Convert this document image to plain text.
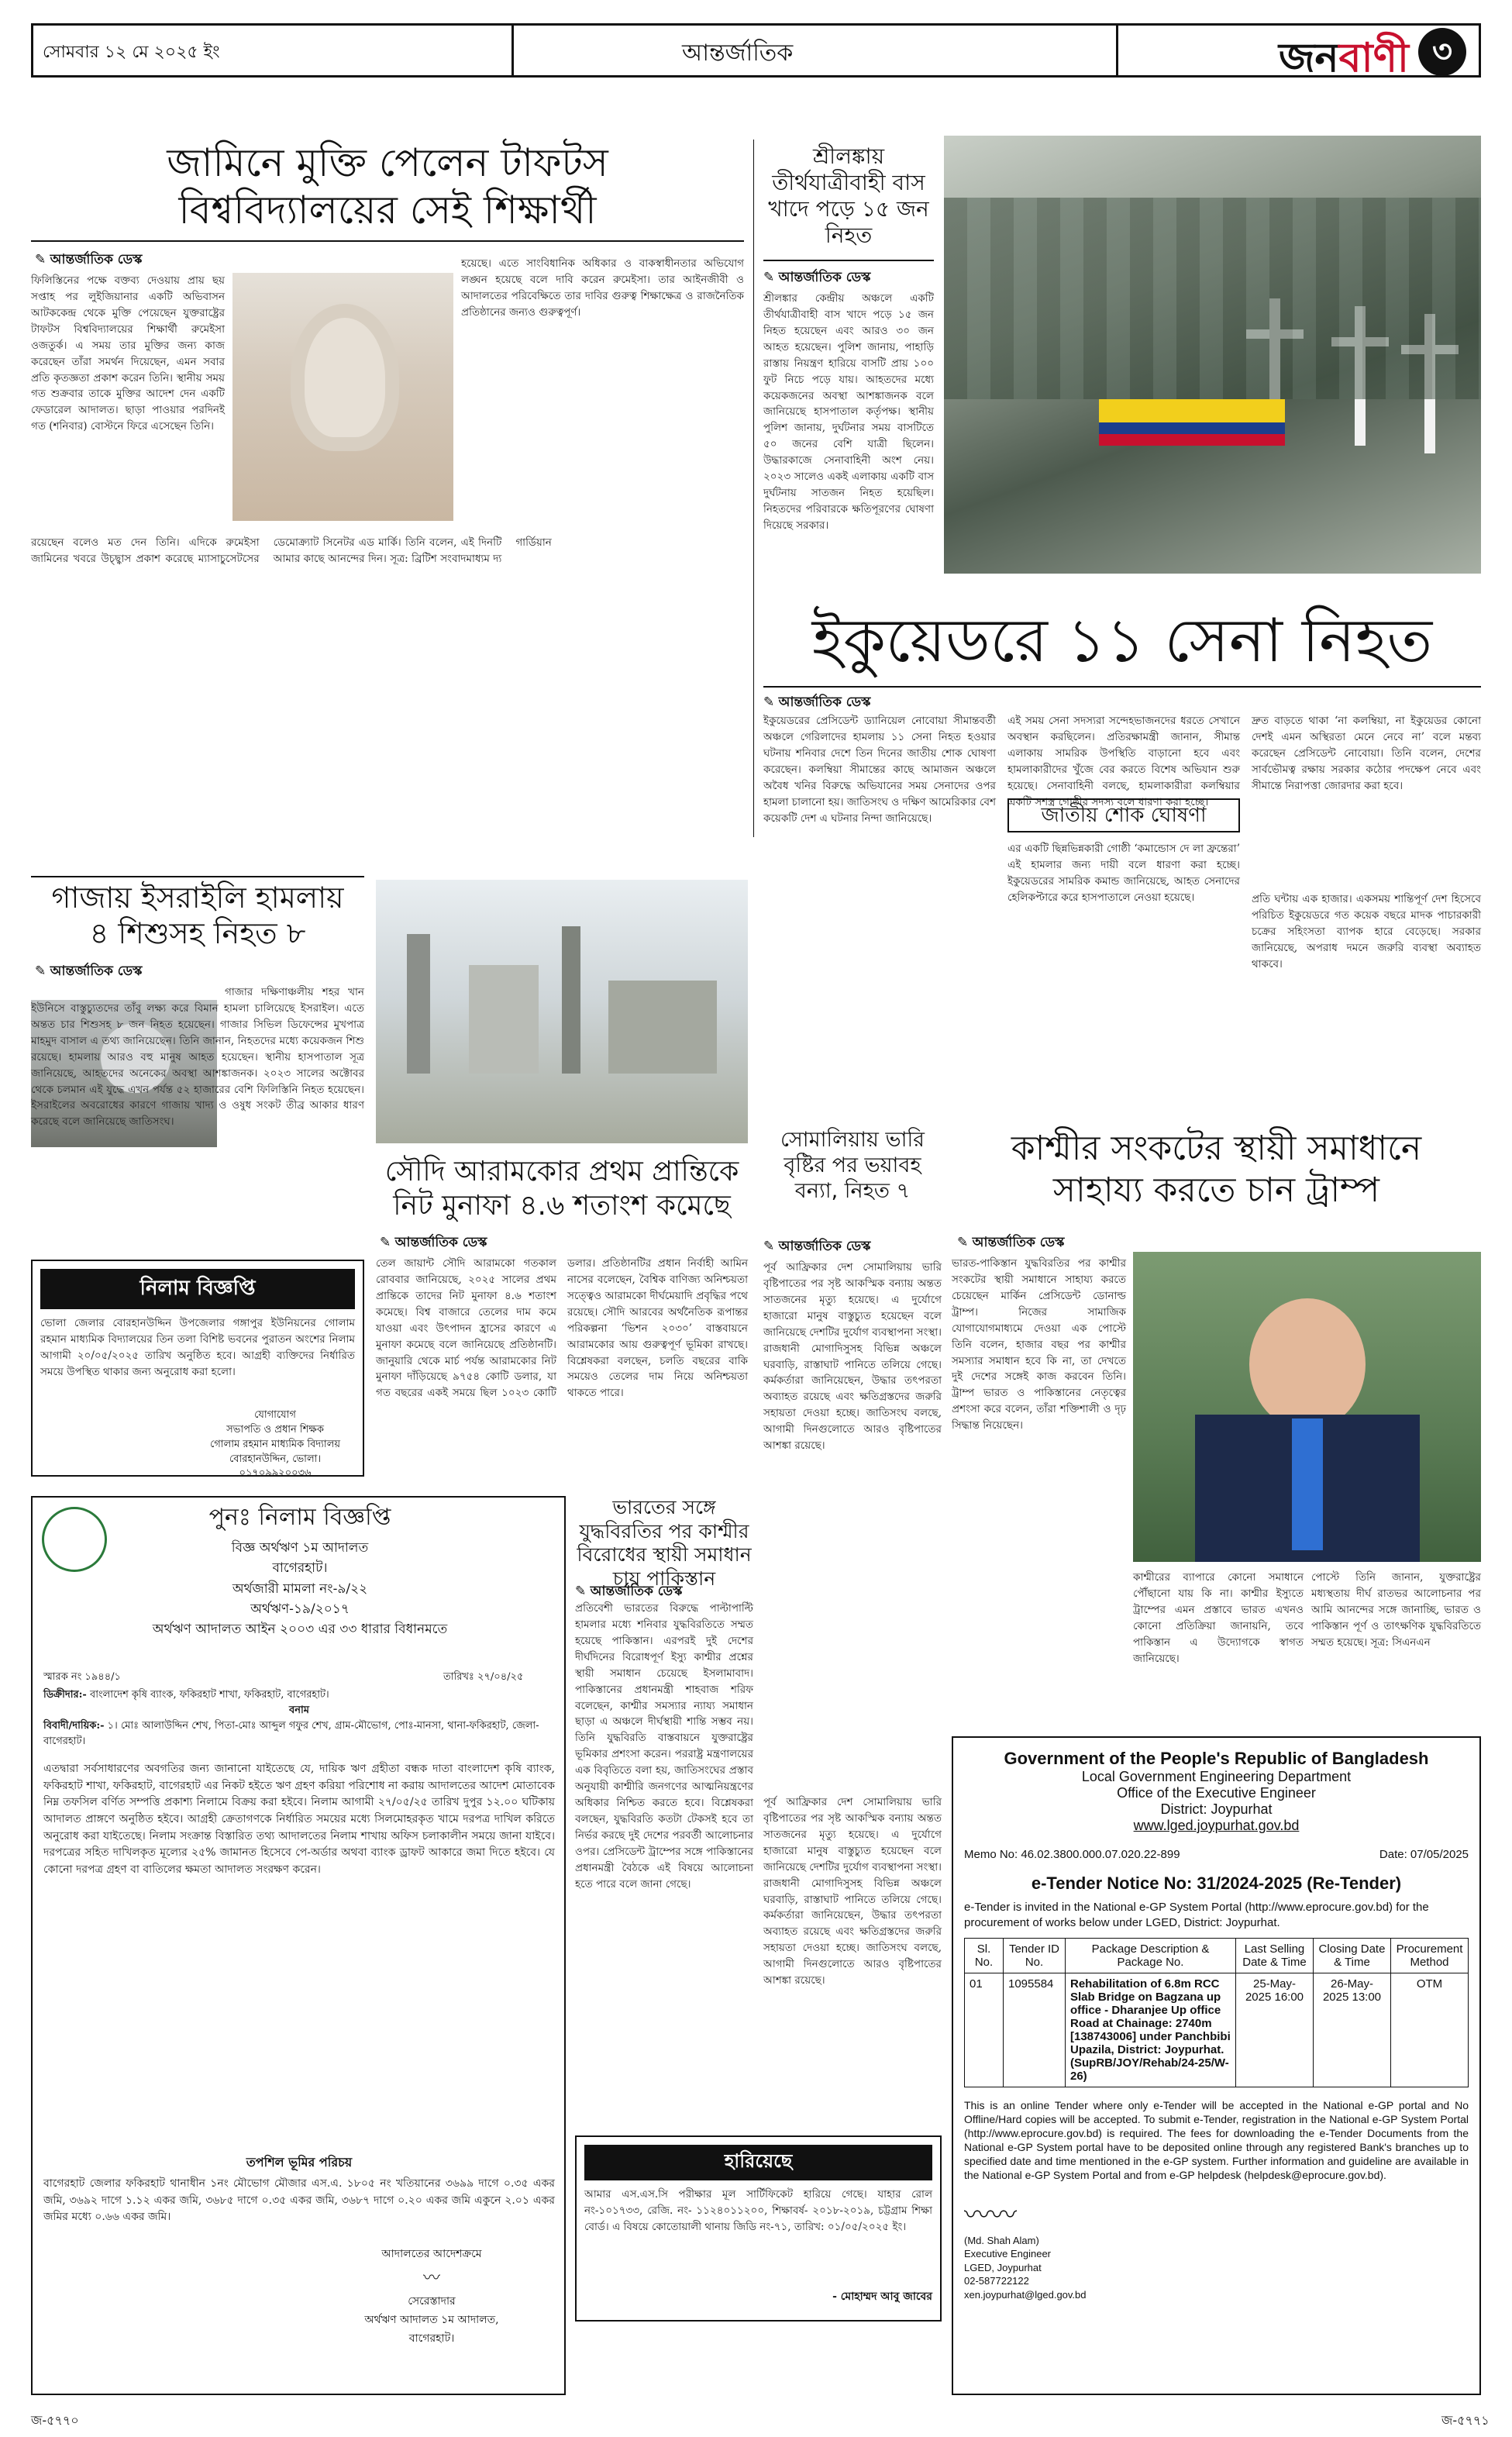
সোমবার ১২ মে ২০২৫ ইং	আন্তর্জাতিক	জনবাণী ৩
জামিনে মুক্তি পেলেন টাফটস
বিশ্ববিদ্যালয়ের সেই শিক্ষার্থী
✎ আন্তর্জাতিক ডেস্ক
ফিলিস্তিনের পক্ষে বক্তব্য দেওয়ায় প্রায় ছয় সপ্তাহ পর লুইজিয়ানার একটি অভিবাসন আটককেন্দ্র থেকে মুক্তি পেয়েছেন যুক্তরাষ্ট্রের টাফটস বিশ্ববিদ্যালয়ের শিক্ষার্থী রুমেইসা ওজতুর্ক। এ সময় তার মুক্তির জন্য কাজ করেছেন তাঁরা সমর্থন দিয়েছেন, এমন সবার প্রতি কৃতজ্ঞতা প্রকাশ করেন তিনি। স্থানীয় সময় গত শুক্রবার তাকে মুক্তির আদেশ দেন একটি ফেডারেল আদালত। ছাড়া পাওয়ার পরদিনই গত (শনিবার) বোস্টনে ফিরে এসেছেন তিনি।
হয়েছে। এতে সাংবিধানিক অধিকার ও বাকস্বাধীনতার অভিযোগ লঙ্ঘন হয়েছে বলে দাবি করেন রুমেইসা। তার আইনজীবী ও আদালতের পরিবেক্ষিতে তার দাবির গুরুত্ব শিক্ষাক্ষেত্র ও রাজনৈতিক প্রতিষ্ঠানের জন্যও গুরুত্বপূর্ণ।
রয়েছেন বলেও মত দেন তিনি। এদিকে রুমেইসা জামিনের খবরে উচ্ছ্বাস প্রকাশ করেছে ম্যাসাচুসেটসের ডেমোক্র্যাট সিনেটর এড মার্কি। তিনি বলেন, এই দিনটি আমার কাছে আনন্দের দিন। সূত্র: ব্রিটিশ সংবাদমাধ্যম দ্য গার্ডিয়ান
শ্রীলঙ্কায় তীর্থযাত্রীবাহী বাস খাদে পড়ে ১৫ জন নিহত
✎ আন্তর্জাতিক ডেস্ক
শ্রীলঙ্কার কেন্দ্রীয় অঞ্চলে একটি তীর্থযাত্রীবাহী বাস খাদে পড়ে ১৫ জন নিহত হয়েছেন এবং আরও ৩০ জন আহত হয়েছেন। পুলিশ জানায়, পাহাড়ি রাস্তায় নিয়ন্ত্রণ হারিয়ে বাসটি প্রায় ১০০ ফুট নিচে পড়ে যায়। আহতদের মধ্যে কয়েকজনের অবস্থা আশঙ্কাজনক বলে জানিয়েছে হাসপাতাল কর্তৃপক্ষ। স্থানীয় পুলিশ জানায়, দুর্ঘটনার সময় বাসটিতে ৫০ জনের বেশি যাত্রী ছিলেন। উদ্ধারকাজে সেনাবাহিনী অংশ নেয়। ২০২৩ সালেও একই এলাকায় একটি বাস দুর্ঘটনায় সাতজন নিহত হয়েছিল। নিহতদের পরিবারকে ক্ষতিপূরণের ঘোষণা দিয়েছে সরকার।
ইকুয়েডরে ১১ সেনা নিহত
✎ আন্তর্জাতিক ডেস্ক
ইকুয়েডরের প্রেসিডেন্ট ড্যানিয়েল নোবোয়া সীমান্তবর্তী অঞ্চলে গেরিলাদের হামলায় ১১ সেনা নিহত হওয়ার ঘটনায় শনিবার দেশে তিন দিনের জাতীয় শোক ঘোষণা করেছেন। কলম্বিয়া সীমান্তের কাছে আমাজন অঞ্চলে অবৈধ খনির বিরুদ্ধে অভিযানের সময় সেনাদের ওপর হামলা চালানো হয়। জাতিসংঘ ও দক্ষিণ আমেরিকার বেশ কয়েকটি দেশ এ ঘটনার নিন্দা জানিয়েছে।
এই সময় সেনা সদস্যরা সন্দেহভাজনদের ধরতে সেখানে অবস্থান করছিলেন। প্রতিরক্ষামন্ত্রী জানান, সীমান্ত এলাকায় সামরিক উপস্থিতি বাড়ানো হবে এবং হামলাকারীদের খুঁজে বের করতে বিশেষ অভিযান শুরু হয়েছে। সেনাবাহিনী বলছে, হামলাকারীরা কলম্বিয়ার একটি সশস্ত্র গোষ্ঠীর সদস্য বলে ধারণা করা হচ্ছে।
জাতীয় শোক ঘোষণা
এর একটি ছিন্নভিন্নকারী গোষ্ঠী ‘কমান্ডোস দে লা ফ্রন্তেরা’ এই হামলার জন্য দায়ী বলে ধারণা করা হচ্ছে। ইকুয়েডরের সামরিক কমান্ড জানিয়েছে, আহত সেনাদের হেলিকপ্টারে করে হাসপাতালে নেওয়া হয়েছে।
দ্রুত বাড়তে থাকা ‘না কলম্বিয়া, না ইকুয়েডর কোনো দেশই এমন অস্থিরতা মেনে নেবে না’ বলে মন্তব্য করেছেন প্রেসিডেন্ট নোবোয়া। তিনি বলেন, দেশের সার্বভৌমত্ব রক্ষায় সরকার কঠোর পদক্ষেপ নেবে এবং সীমান্তে নিরাপত্তা জোরদার করা হবে।
প্রতি ঘন্টায় এক হাজার। একসময় শান্তিপূর্ণ দেশ হিসেবে পরিচিত ইকুয়েডরে গত কয়েক বছরে মাদক পাচারকারী চক্রের সহিংসতা ব্যাপক হারে বেড়েছে। সরকার জানিয়েছে, অপরাধ দমনে জরুরি ব্যবস্থা অব্যাহত থাকবে।
গাজায় ইসরাইলি হামলায়
৪ শিশুসহ নিহত ৮
✎ আন্তর্জাতিক ডেস্ক
গাজার দক্ষিণাঞ্চলীয় শহর খান ইউনিসে বাস্তুচ্যুতদের তাঁবু লক্ষ্য করে বিমান হামলা চালিয়েছে ইসরাইল। এতে অন্তত চার শিশুসহ ৮ জন নিহত হয়েছেন। গাজার সিভিল ডিফেন্সের মুখপাত্র মাহমুদ বাসাল এ তথ্য জানিয়েছেন। তিনি জানান, নিহতদের মধ্যে কয়েকজন শিশু রয়েছে। হামলায় আরও বহু মানুষ আহত হয়েছেন। স্থানীয় হাসপাতাল সূত্র জানিয়েছে, আহতদের অনেকের অবস্থা আশঙ্কাজনক। ২০২৩ সালের অক্টোবর থেকে চলমান এই যুদ্ধে এখন পর্যন্ত ৫২ হাজারের বেশি ফিলিস্তিনি নিহত হয়েছেন। ইসরাইলের অবরোধের কারণে গাজায় খাদ্য ও ওষুধ সংকট তীব্র আকার ধারণ করেছে বলে জানিয়েছে জাতিসংঘ।
নিলাম বিজ্ঞপ্তি
ভোলা জেলার বোরহানউদ্দিন উপজেলার গঙ্গাপুর ইউনিয়নের গোলাম রহমান মাধ্যমিক বিদ্যালয়ের তিন তলা বিশিষ্ট ভবনের পুরাতন অংশের নিলাম আগামী ২০/০৫/২০২৫ তারিখ অনুষ্ঠিত হবে। আগ্রহী ব্যক্তিদের নির্ধারিত সময়ে উপস্থিত থাকার জন্য অনুরোধ করা হলো।
যোগাযোগ
সভাপতি ও প্রধান শিক্ষক
গোলাম রহমান মাধ্যমিক বিদ্যালয়
বোরহানউদ্দিন, ভোলা।
০১৭০৯৯২০০৩৬
সৌদি আরামকোর প্রথম প্রান্তিকে
নিট মুনাফা ৪.৬ শতাংশ কমেছে
✎ আন্তর্জাতিক ডেস্ক
তেল জায়ান্ট সৌদি আরামকো গতকাল রোববার জানিয়েছে, ২০২৫ সালের প্রথম প্রান্তিকে তাদের নিট মুনাফা ৪.৬ শতাংশ কমেছে। বিশ্ব বাজারে তেলের দাম কমে যাওয়া এবং উৎপাদন হ্রাসের কারণে এ মুনাফা কমেছে বলে জানিয়েছে প্রতিষ্ঠানটি। জানুয়ারি থেকে মার্চ পর্যন্ত আরামকোর নিট মুনাফা দাঁড়িয়েছে ৯৭৫৪ কোটি ডলার, যা গত বছরের একই সময়ে ছিল ১০২৩ কোটি ডলার। প্রতিষ্ঠানটির প্রধান নির্বাহী আমিন নাসের বলেছেন, বৈশ্বিক বাণিজ্য অনিশ্চয়তা সত্ত্বেও আরামকো দীর্ঘমেয়াদি প্রবৃদ্ধির পথে রয়েছে। সৌদি আরবের অর্থনৈতিক রূপান্তর পরিকল্পনা ‘ভিশন ২০৩০’ বাস্তবায়নে আরামকোর আয় গুরুত্বপূর্ণ ভূমিকা রাখছে। বিশ্লেষকরা বলছেন, চলতি বছরের বাকি সময়েও তেলের দাম নিয়ে অনিশ্চয়তা থাকতে পারে।
সোমালিয়ায় ভারি বৃষ্টির পর ভয়াবহ বন্যা, নিহত ৭
✎ আন্তর্জাতিক ডেস্ক
পূর্ব আফ্রিকার দেশ সোমালিয়ায় ভারি বৃষ্টিপাতের পর সৃষ্ট আকস্মিক বন্যায় অন্তত সাতজনের মৃত্যু হয়েছে। এ দুর্যোগে হাজারো মানুষ বাস্তুচ্যুত হয়েছেন বলে জানিয়েছে দেশটির দুর্যোগ ব্যবস্থাপনা সংস্থা। রাজধানী মোগাদিসুসহ বিভিন্ন অঞ্চলে ঘরবাড়ি, রাস্তাঘাট পানিতে তলিয়ে গেছে। কর্মকর্তারা জানিয়েছেন, উদ্ধার তৎপরতা অব্যাহত রয়েছে এবং ক্ষতিগ্রস্তদের জরুরি সহায়তা দেওয়া হচ্ছে। জাতিসংঘ বলছে, আগামী দিনগুলোতে আরও বৃষ্টিপাতের আশঙ্কা রয়েছে।
কাশ্মীর সংকটের স্থায়ী সমাধানে
সাহায্য করতে চান ট্রাম্প
✎ আন্তর্জাতিক ডেস্ক
ভারত-পাকিস্তান যুদ্ধবিরতির পর কাশ্মীর সংকটের স্থায়ী সমাধানে সাহায্য করতে চেয়েছেন মার্কিন প্রেসিডেন্ট ডোনাল্ড ট্রাম্প। নিজের সামাজিক যোগাযোগমাধ্যমে দেওয়া এক পোস্টে তিনি বলেন, হাজার বছর পর কাশ্মীর সমস্যার সমাধান হবে কি না, তা দেখতে দুই দেশের সঙ্গেই কাজ করবেন তিনি। ট্রাম্প ভারত ও পাকিস্তানের নেতৃত্বের প্রশংসা করে বলেন, তাঁরা শক্তিশালী ও দৃঢ় সিদ্ধান্ত নিয়েছেন।
কাশ্মীরের ব্যাপারে কোনো সমাধানে পৌঁছানো যায় কি না। কাশ্মীর ইস্যুতে ট্রাম্পের এমন প্রস্তাবে ভারত এখনও কোনো প্রতিক্রিয়া জানায়নি, তবে পাকিস্তান এ উদ্যোগকে স্বাগত জানিয়েছে।
পোস্টে তিনি জানান, যুক্তরাষ্ট্রের মধ্যস্থতায় দীর্ঘ রাতভর আলোচনার পর আমি আনন্দের সঙ্গে জানাচ্ছি, ভারত ও পাকিস্তান পূর্ণ ও তাৎক্ষণিক যুদ্ধবিরতিতে সম্মত হয়েছে। সূত্র: সিএনএন
পুনঃ নিলাম বিজ্ঞপ্তি
বিজ্ঞ অর্থঋণ ১ম আদালত
বাগেরহাট।
অর্থজারী মামলা নং-৯/২২
অর্থঋণ-১৯/২০১৭
অর্থঋণ আদালত আইন ২০০৩ এর ৩৩ ধারার বিধানমতে
স্মারক নং ১৯৪৪/১	তারিখঃ ২৭/০৪/২৫
ডিক্রীদার:- বাংলাদেশ কৃষি ব্যাংক, ফকিরহাট শাখা, ফকিরহাট, বাগেরহাট।
বনাম
বিবাদী/দায়িক:- ১। মোঃ আলাউদ্দিন শেখ, পিতা-মোঃ আব্দুল গফুর শেখ, গ্রাম-মৌভোগ, পোঃ-মানসা, থানা-ফকিরহাট, জেলা-বাগেরহাট।
এতদ্বারা সর্বসাধারণের অবগতির জন্য জানানো যাইতেছে যে, দায়িক ঋণ গ্রহীতা বন্ধক দাতা বাংলাদেশ কৃষি ব্যাংক, ফকিরহাট শাখা, ফকিরহাট, বাগেরহাট এর নিকট হইতে ঋণ গ্রহণ করিয়া পরিশোধ না করায় আদালতের আদেশ মোতাবেক নিম্ন তফসিল বর্ণিত সম্পত্তি প্রকাশ্য নিলামে বিক্রয় করা হইবে। নিলাম আগামী ২৭/০৫/২৫ তারিখ দুপুর ১২.০০ ঘটিকায় আদালত প্রাঙ্গণে অনুষ্ঠিত হইবে। আগ্রহী ক্রেতাগণকে নির্ধারিত সময়ের মধ্যে সিলমোহরকৃত খামে দরপত্র দাখিল করিতে অনুরোধ করা যাইতেছে। নিলাম সংক্রান্ত বিস্তারিত তথ্য আদালতের নিলাম শাখায় অফিস চলাকালীন সময়ে জানা যাইবে। দরপত্রের সহিত দাখিলকৃত মূল্যের ২৫% জামানত হিসেবে পে-অর্ডার অথবা ব্যাংক ড্রাফট আকারে জমা দিতে হইবে। যে কোনো দরপত্র গ্রহণ বা বাতিলের ক্ষমতা আদালত সংরক্ষণ করেন।
তপশিল ভূমির পরিচয়
বাগেরহাট জেলার ফকিরহাট থানাধীন ১নং মৌভোগ মৌজার এস.এ. ১৮০৫ নং খতিয়ানের ৩৬৯৯ দাগে ০.৩৫ একর জমি, ৩৬৯২ দাগে ১.১২ একর জমি, ৩৬৮৫ দাগে ০.৩৫ একর জমি, ৩৬৮৭ দাগে ০.২০ একর জমি একুনে ২.০১ একর জমির মধ্যে ০.৬৬ একর জমি।
আদালতের আদেশক্রমে
〰
সেরেস্তাদার
অর্থঋণ আদালত ১ম আদালত,
বাগেরহাট।
ভারতের সঙ্গে যুদ্ধবিরতির পর কাশ্মীর বিরোধের স্থায়ী সমাধান চায় পাকিস্তান
✎ আন্তর্জাতিক ডেস্ক
প্রতিবেশী ভারতের বিরুদ্ধে পাল্টাপাল্টি হামলার মধ্যে শনিবার যুদ্ধবিরতিতে সম্মত হয়েছে পাকিস্তান। এরপরই দুই দেশের দীর্ঘদিনের বিরোধপূর্ণ ইস্যু কাশ্মীর প্রশ্নের স্থায়ী সমাধান চেয়েছে ইসলামাবাদ। পাকিস্তানের প্রধানমন্ত্রী শাহবাজ শরিফ বলেছেন, কাশ্মীর সমস্যার ন্যায্য সমাধান ছাড়া এ অঞ্চলে দীর্ঘস্থায়ী শান্তি সম্ভব নয়। তিনি যুদ্ধবিরতি বাস্তবায়নে যুক্তরাষ্ট্রের ভূমিকার প্রশংসা করেন। পররাষ্ট্র মন্ত্রণালয়ের এক বিবৃতিতে বলা হয়, জাতিসংঘের প্রস্তাব অনুযায়ী কাশ্মীরি জনগণের আত্মনিয়ন্ত্রণের অধিকার নিশ্চিত করতে হবে। বিশ্লেষকরা বলছেন, যুদ্ধবিরতি কতটা টেকসই হবে তা নির্ভর করছে দুই দেশের পরবর্তী আলোচনার ওপর। প্রেসিডেন্ট ট্রাম্পের সঙ্গে পাকিস্তানের প্রধানমন্ত্রী বৈঠকে এই বিষয়ে আলোচনা হতে পারে বলে জানা গেছে।
পূর্ব আফ্রিকার দেশ সোমালিয়ায় ভারি বৃষ্টিপাতের পর সৃষ্ট আকস্মিক বন্যায় অন্তত সাতজনের মৃত্যু হয়েছে। এ দুর্যোগে হাজারো মানুষ বাস্তুচ্যুত হয়েছেন বলে জানিয়েছে দেশটির দুর্যোগ ব্যবস্থাপনা সংস্থা। রাজধানী মোগাদিসুসহ বিভিন্ন অঞ্চলে ঘরবাড়ি, রাস্তাঘাট পানিতে তলিয়ে গেছে। কর্মকর্তারা জানিয়েছেন, উদ্ধার তৎপরতা অব্যাহত রয়েছে এবং ক্ষতিগ্রস্তদের জরুরি সহায়তা দেওয়া হচ্ছে। জাতিসংঘ বলছে, আগামী দিনগুলোতে আরও বৃষ্টিপাতের আশঙ্কা রয়েছে।
হারিয়েছে
আমার এস.এস.সি পরীক্ষার মূল সার্টিফিকেট হারিয়ে গেছে। যাহার রোল নং-১০১৭৩৩, রেজি. নং- ১১২৪০১১২০০, শিক্ষাবর্ষ- ২০১৮-২০১৯, চট্টগ্রাম শিক্ষা বোর্ড। এ বিষয়ে কোতোয়ালী থানায় জিডি নং-৭১, তারিখ: ০১/০৫/২০২৫ ইং।
- মোহাম্মদ আবু জাবের
Government of the People's Republic of Bangladesh
Local Government Engineering Department
Office of the Executive Engineer
District: Joypurhat
www.lged.joypurhat.gov.bd
Memo No: 46.02.3800.000.07.020.22-899	Date: 07/05/2025
e-Tender Notice No: 31/2024-2025 (Re-Tender)
e-Tender is invited in the National e-GP System Portal (http://www.eprocure.gov.bd) for the procurement of works below under LGED, District: Joypurhat.
Sl. No.	Tender ID No.	Package Description & Package No.	Last Selling Date & Time	Closing Date & Time	Procurement Method
01	1095584	Rehabilitation of 6.8m RCC Slab Bridge on Bagzana up office - Dharanjee Up office Road at Chainage: 2740m [138743006] under Panchbibi Upazila, District: Joypurhat. (SupRB/JOY/Rehab/24-25/W-26)	25-May-2025 16:00	26-May-2025 13:00	OTM
This is an online Tender where only e-Tender will be accepted in the National e-GP portal and No Offline/Hard copies will be accepted. To submit e-Tender, registration in the National e-GP System Portal (http://www.eprocure.gov.bd) is required. The fees for downloading the e-Tender Documents from the National e-GP System portal have to be deposited online through any registered Bank's branches up to specified date and time mentioned in the e-GP system. Further information and guideline are available in the National e-GP System Portal and from e-GP helpdesk (helpdesk@eprocure.gov.bd).
〰〰
(Md. Shah Alam)
Executive Engineer
LGED, Joypurhat
02-587722122
xen.joypurhat@lged.gov.bd
জ-৫৭৭০	জ-৫৭৭১
